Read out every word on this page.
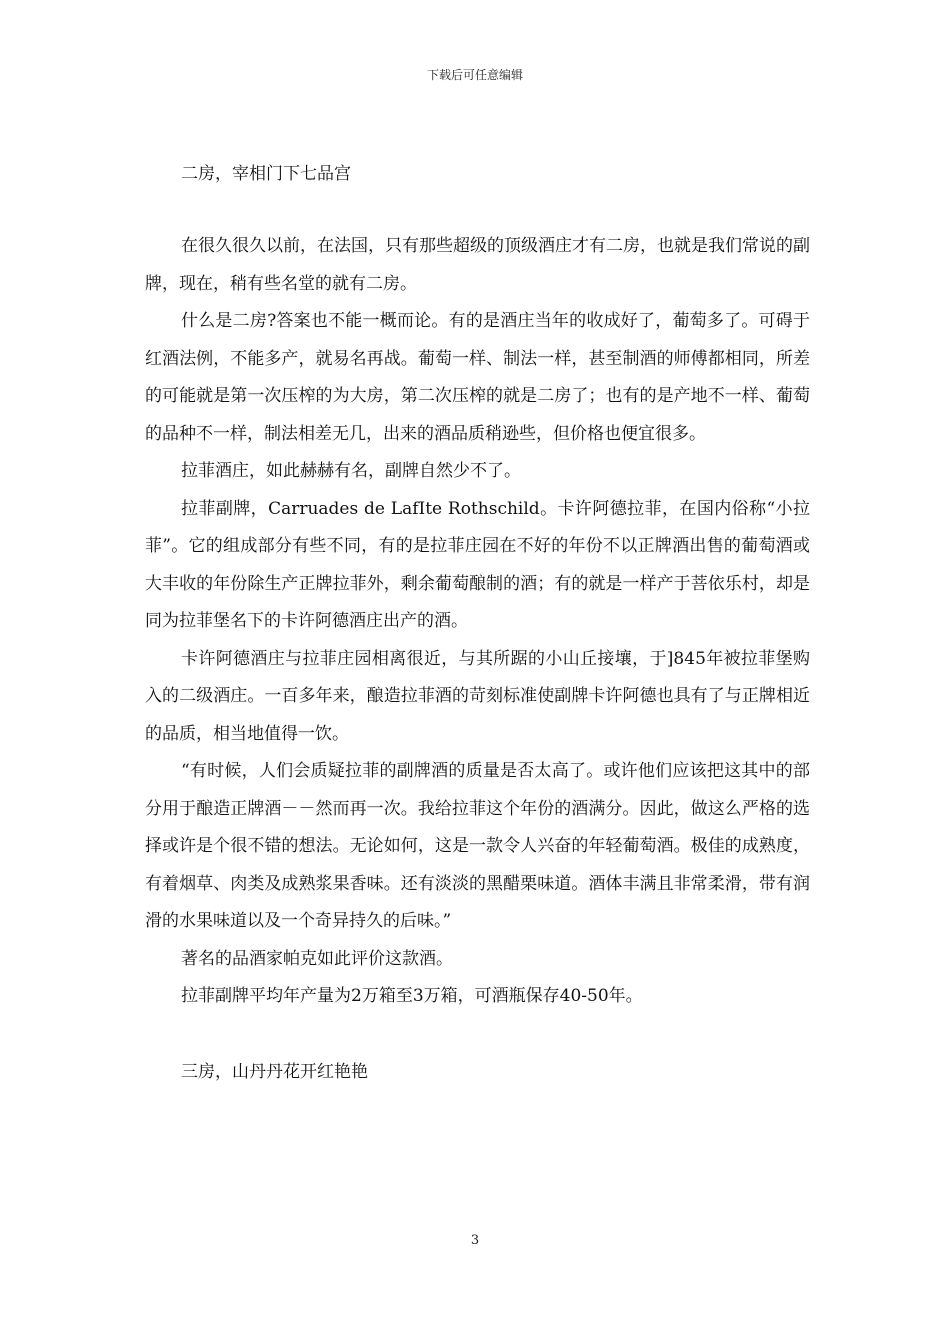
下载后可任意编辑

二房，宰相门下七品宫

在很久很久以前，在法国，只有那些超级的顶级酒庄才有二房，也就是我们常说的副牌，现在，稍有些名堂的就有二房。

什么是二房?答案也不能一概而论。有的是酒庄当年的收成好了，葡萄多了。可碍于红酒法例，不能多产，就易名再战。葡萄一样、制法一样，甚至制酒的师傅都相同，所差的可能就是第一次压榨的为大房，第二次压榨的就是二房了；也有的是产地不一样、葡萄的品种不一样，制法相差无几，出来的酒品质稍逊些，但价格也便宜很多。

拉菲酒庄，如此赫赫有名，副牌自然少不了。

拉菲副牌，Carruades de LafIte Rothschild。卡许阿德拉菲，在国内俗称“小拉菲”。它的组成部分有些不同，有的是拉菲庄园在不好的年份不以正牌酒出售的葡萄酒或大丰收的年份除生产正牌拉菲外，剩余葡萄酿制的酒；有的就是一样产于菩依乐村，却是同为拉菲堡名下的卡许阿德酒庄出产的酒。

卡许阿德酒庄与拉菲庄园相离很近，与其所踞的小山丘接壤，于]845年被拉菲堡购入的二级酒庄。一百多年来，酿造拉菲酒的苛刻标准使副牌卡许阿德也具有了与正牌相近的品质，相当地值得一饮。

“有时候，人们会质疑拉菲的副牌酒的质量是否太高了。或许他们应该把这其中的部分用于酿造正牌酒－－然而再一次。我给拉菲这个年份的酒满分。因此，做这么严格的选择或许是个很不错的想法。无论如何，这是一款令人兴奋的年轻葡萄酒。极佳的成熟度，有着烟草、肉类及成熟浆果香味。还有淡淡的黑醋栗味道。酒体丰满且非常柔滑，带有润滑的水果味道以及一个奇异持久的后味。”

著名的品酒家帕克如此评价这款酒。

拉菲副牌平均年产量为2万箱至3万箱，可酒瓶保存40-50年。

三房，山丹丹花开红艳艳

3
